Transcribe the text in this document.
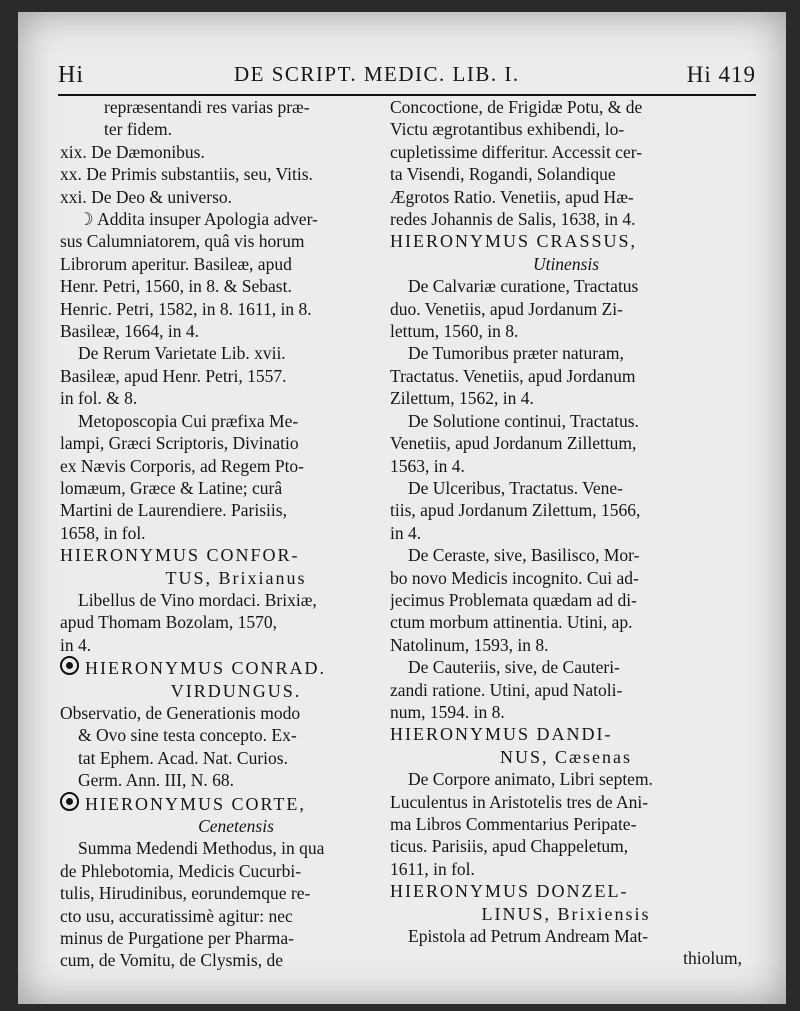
Hi	DE SCRIPT. MEDIC. LIB. I.	Hi 419
repræsentandi res varias præ-
ter fidem.
xix. De Dæmonibus.
xx. De Primis substantiis, seu, Vitis.
xxi. De Deo & universo.
☽ Addita insuper Apologia adver-
sus Calumniatorem, quâ vis horum
Librorum aperitur. Basileæ, apud
Henr. Petri, 1560, in 8. & Sebast.
Henric. Petri, 1582, in 8. 1611, in 8.
Basileæ, 1664, in 4.
De Rerum Varietate Lib. xvii.
Basileæ, apud Henr. Petri, 1557.
in fol. & 8.
Metoposcopia Cui præfixa Me-
lampi, Græci Scriptoris, Divinatio
ex Nævis Corporis, ad Regem Pto-
lomæum, Græce & Latine; curâ
Martini de Laurendiere. Parisiis,
1658, in fol.
HIERONYMUS CONFOR-
TUS, Brixianus
Libellus de Vino mordaci. Brixiæ,
apud Thomam Bozolam, 1570,
in 4.
HIERONYMUS CONRAD.
VIRDUNGUS.
Observatio, de Generationis modo
& Ovo sine testa concepto. Ex-
tat Ephem. Acad. Nat. Curios.
Germ. Ann. III, N. 68.
HIERONYMUS CORTE,
Cenetensis
Summa Medendi Methodus, in qua
de Phlebotomia, Medicis Cucurbi-
tulis, Hirudinibus, eorundemque re-
cto usu, accuratissimè agitur: nec
minus de Purgatione per Pharma-
cum, de Vomitu, de Clysmis, de
Concoctione, de Frigidæ Potu, & de
Victu ægrotantibus exhibendi, lo-
cupletissime differitur. Accessit cer-
ta Visendi, Rogandi, Solandique
Ægrotos Ratio. Venetiis, apud Hæ-
redes Johannis de Salis, 1638, in 4.
HIERONYMUS CRASSUS,
Utinensis
De Calvariæ curatione, Tractatus
duo. Venetiis, apud Jordanum Zi-
lettum, 1560, in 8.
De Tumoribus præter naturam,
Tractatus. Venetiis, apud Jordanum
Zilettum, 1562, in 4.
De Solutione continui, Tractatus.
Venetiis, apud Jordanum Zillettum,
1563, in 4.
De Ulceribus, Tractatus. Vene-
tiis, apud Jordanum Zilettum, 1566,
in 4.
De Ceraste, sive, Basilisco, Mor-
bo novo Medicis incognito. Cui ad-
jecimus Problemata quædam ad di-
ctum morbum attinentia. Utini, ap.
Natolinum, 1593, in 8.
De Cauteriis, sive, de Cauteri-
zandi ratione. Utini, apud Natoli-
num, 1594. in 8.
HIERONYMUS DANDI-
NUS, Cæsenas
De Corpore animato, Libri septem.
Luculentus in Aristotelis tres de Ani-
ma Libros Commentarius Peripate-
ticus. Parisiis, apud Chappeletum,
1611, in fol.
HIERONYMUS DONZEL-
LINUS, Brixiensis
Epistola ad Petrum Andream Mat-
thiolum,
